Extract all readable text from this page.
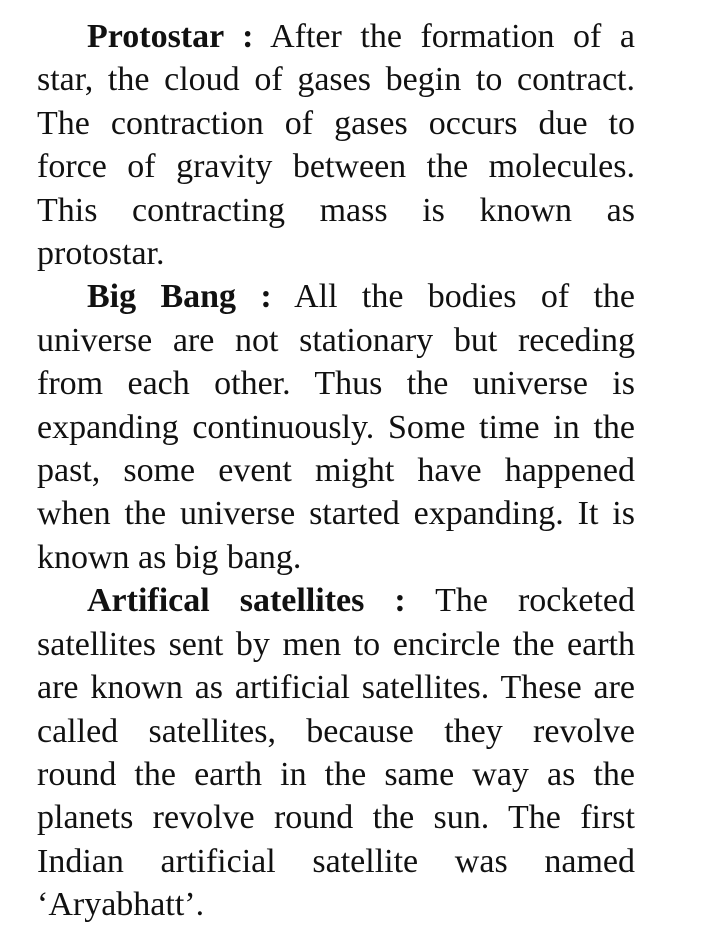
Protostar : After the formation of a star, the cloud of gases begin to contract. The contraction of gases occurs due to force of gravity between the molecules. This contracting mass is known as protostar.

Big Bang : All the bodies of the universe are not stationary but receding from each other. Thus the universe is expanding continuously. Some time in the past, some event might have happened when the universe started expanding. It is known as big bang.

Artifical satellites : The rocketed satellites sent by men to encircle the earth are known as artificial satellites. These are called satellites, because they revolve round the earth in the same way as the planets revolve round the sun. The first Indian artificial satellite was named ‘Aryabhatt’.
